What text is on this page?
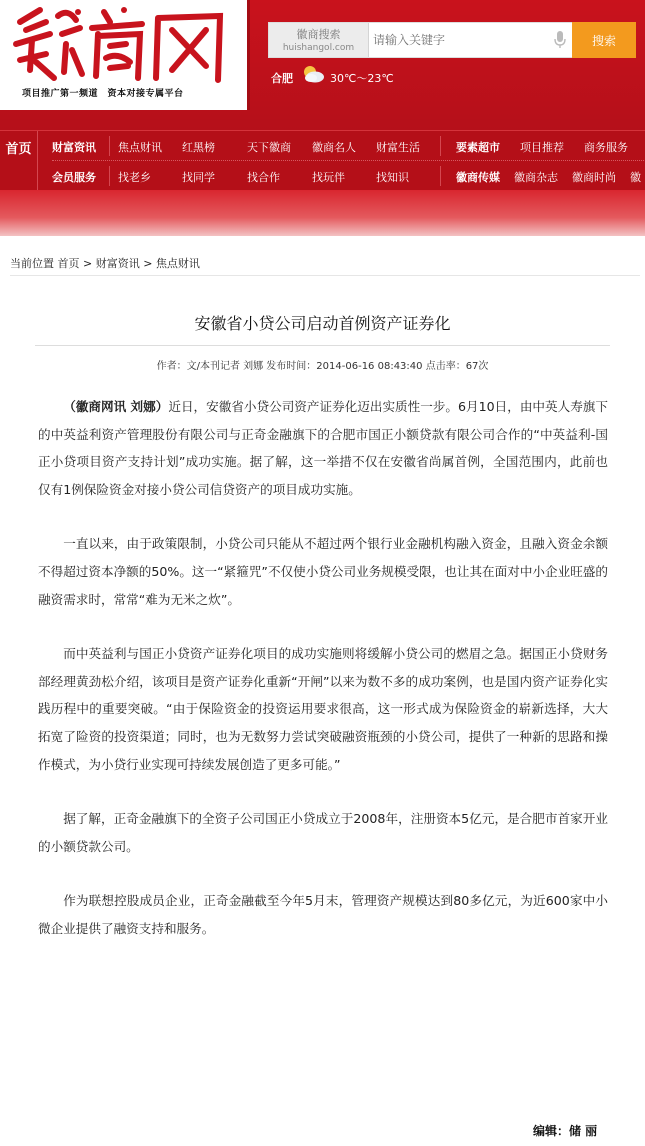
项目推广第一频道　资本对接专属平台
徽商搜索
huishangol.com
请输入关键字
搜索
合肥	30℃～23℃
首页	财富资讯 焦点财讯 红黑榜	天下徽商 徽商名人 财富生活	要素超市 项目推荐 商务服务
会员服务 找老乡	找同学	找合作	找玩伴	找知识	徽商传媒 徽商杂志 徽商时尚 徽
当前位置 首页 > 财富资讯 > 焦点财讯
安徽省小贷公司启动首例资产证券化
作者：文/本刊记者 刘娜 发布时间：2014-06-16 08:43:40 点击率：67次

（徽商网讯 刘娜）近日，安徽省小贷公司资产证券化迈出实质性一步。6月10日，由中英人寿旗下的中英益利资产管理股份有限公司与正奇金融旗下的合肥市国正小额贷款有限公司合作的“中英益利-国正小贷项目资产支持计划”成功实施。据了解，这一举措不仅在安徽省尚属首例，全国范围内，此前也仅有1例保险资金对接小贷公司信贷资产的项目成功实施。

一直以来，由于政策限制，小贷公司只能从不超过两个银行业金融机构融入资金，且融入资金余额不得超过资本净额的50%。这一“紧箍咒”不仅使小贷公司业务规模受限，也让其在面对中小企业旺盛的融资需求时，常常“难为无米之炊”。

而中英益利与国正小贷资产证券化项目的成功实施则将缓解小贷公司的燃眉之急。据国正小贷财务部经理黄劲松介绍，该项目是资产证券化重新“开闸”以来为数不多的成功案例，也是国内资产证券化实践历程中的重要突破。“由于保险资金的投资运用要求很高，这一形式成为保险资金的崭新选择，大大拓宽了险资的投资渠道；同时，也为无数努力尝试突破融资瓶颈的小贷公司，提供了一种新的思路和操作模式，为小贷行业实现可持续发展创造了更多可能。”

据了解，正奇金融旗下的全资子公司国正小贷成立于2008年，注册资本5亿元，是合肥市首家开业的小额贷款公司。

作为联想控股成员企业，正奇金融截至今年5月末，管理资产规模达到80多亿元，为近600家中小微企业提供了融资支持和服务。

编辑：储 丽
